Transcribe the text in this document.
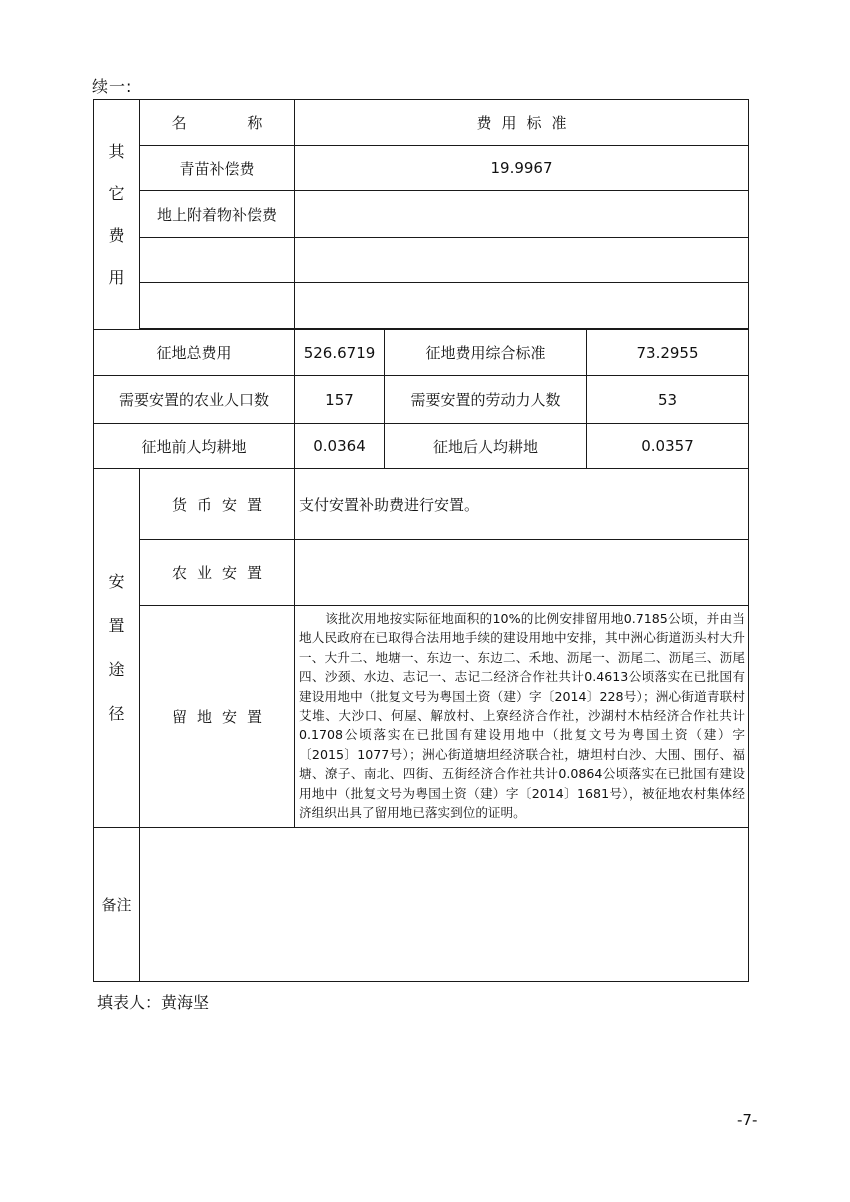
续一:
其它费用	名 称	费用标准		
	青苗补偿费	19.9967		
	地上附着物补偿费			

征地总费用		526.6719	征地费用综合标准	73.2955
需要安置的农业人口数		157	需要安置的劳动力人数	53
征地前人均耕地		0.0364	征地后人均耕地	0.0357
安置途径	货币安置	支付安置补助费进行安置。		
	农业安置			
	留地安置	该批次用地按实际征地面积的10%的比例安排留用地0.7185公顷，并由当地人民政府在已取得合法用地手续的建设用地中安排，其中洲心街道沥头村大升一、大升二、地塘一、东边一、东边二、禾地、沥尾一、沥尾二、沥尾三、沥尾四、沙颈、水边、志记一、志记二经济合作社共计0.4613公顷落实在已批国有建设用地中（批复文号为粤国土资（建）字〔2014〕228号）；洲心街道青联村艾堆、大沙口、何屋、解放村、上寮经济合作社，沙湖村木枯经济合作社共计0.1708公顷落实在已批国有建设用地中（批复文号为粤国土资（建）字〔2015〕1077号）；洲心街道塘坦经济联合社，塘坦村白沙、大围、围仔、福塘、潦子、南北、四街、五街经济合作社共计0.0864公顷落实在已批国有建设用地中（批复文号为粤国土资（建）字〔2014〕1681号），被征地农村集体经济组织出具了留用地已落实到位的证明。		
备注				
填表人：黄海坚
-7-
